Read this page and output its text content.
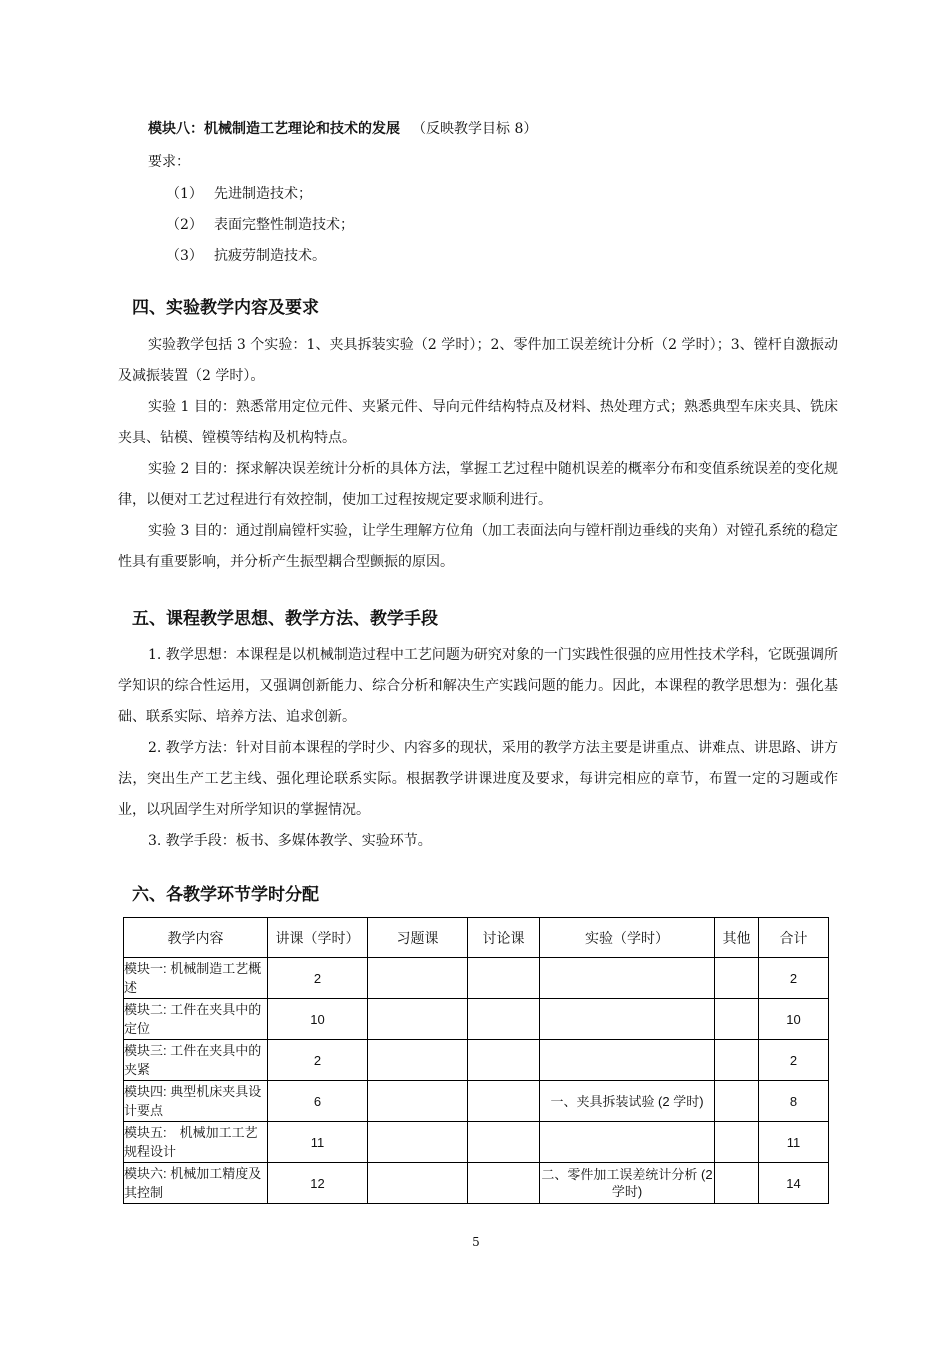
模块八：机械制造工艺理论和技术的发展 （反映教学目标 8）
要求：
（1） 先进制造技术；
（2） 表面完整性制造技术；
（3） 抗疲劳制造技术。
四、实验教学内容及要求
实验教学包括 3 个实验：1、夹具拆装实验（2 学时）；2、零件加工误差统计分析（2 学时）；3、镗杆自激振动及减振装置（2 学时）。
实验 1 目的：熟悉常用定位元件、夹紧元件、导向元件结构特点及材料、热处理方式；熟悉典型车床夹具、铣床夹具、钻模、镗模等结构及机构特点。
实验 2 目的：探求解决误差统计分析的具体方法，掌握工艺过程中随机误差的概率分布和变值系统误差的变化规律，以便对工艺过程进行有效控制，使加工过程按规定要求顺利进行。
实验 3 目的：通过削扁镗杆实验，让学生理解方位角（加工表面法向与镗杆削边垂线的夹角）对镗孔系统的稳定性具有重要影响，并分析产生振型耦合型颤振的原因。
五、课程教学思想、教学方法、教学手段
1. 教学思想：本课程是以机械制造过程中工艺问题为研究对象的一门实践性很强的应用性技术学科，它既强调所学知识的综合性运用，又强调创新能力、综合分析和解决生产实践问题的能力。因此，本课程的教学思想为：强化基础、联系实际、培养方法、追求创新。
2. 教学方法：针对目前本课程的学时少、内容多的现状，采用的教学方法主要是讲重点、讲难点、讲思路、讲方法，突出生产工艺主线、强化理论联系实际。根据教学讲课进度及要求，每讲完相应的章节，布置一定的习题或作业，以巩固学生对所学知识的掌握情况。
3. 教学手段：板书、多媒体教学、实验环节。
六、各教学环节学时分配
教学内容	讲课（学时）	习题课	讨论课	实验（学时）	其他	合计
模块一: 机械制造工艺概述	2					2
模块二: 工件在夹具中的定位	10					10
模块三: 工件在夹具中的夹紧	2					2
模块四: 典型机床夹具设计要点	6			一、夹具拆装试验 (2 学时)		8
模块五:　机械加工工艺规程设计	11					11
模块六: 机械加工精度及其控制	12			二、零件加工误差统计分析 (2 学时)		14
5
